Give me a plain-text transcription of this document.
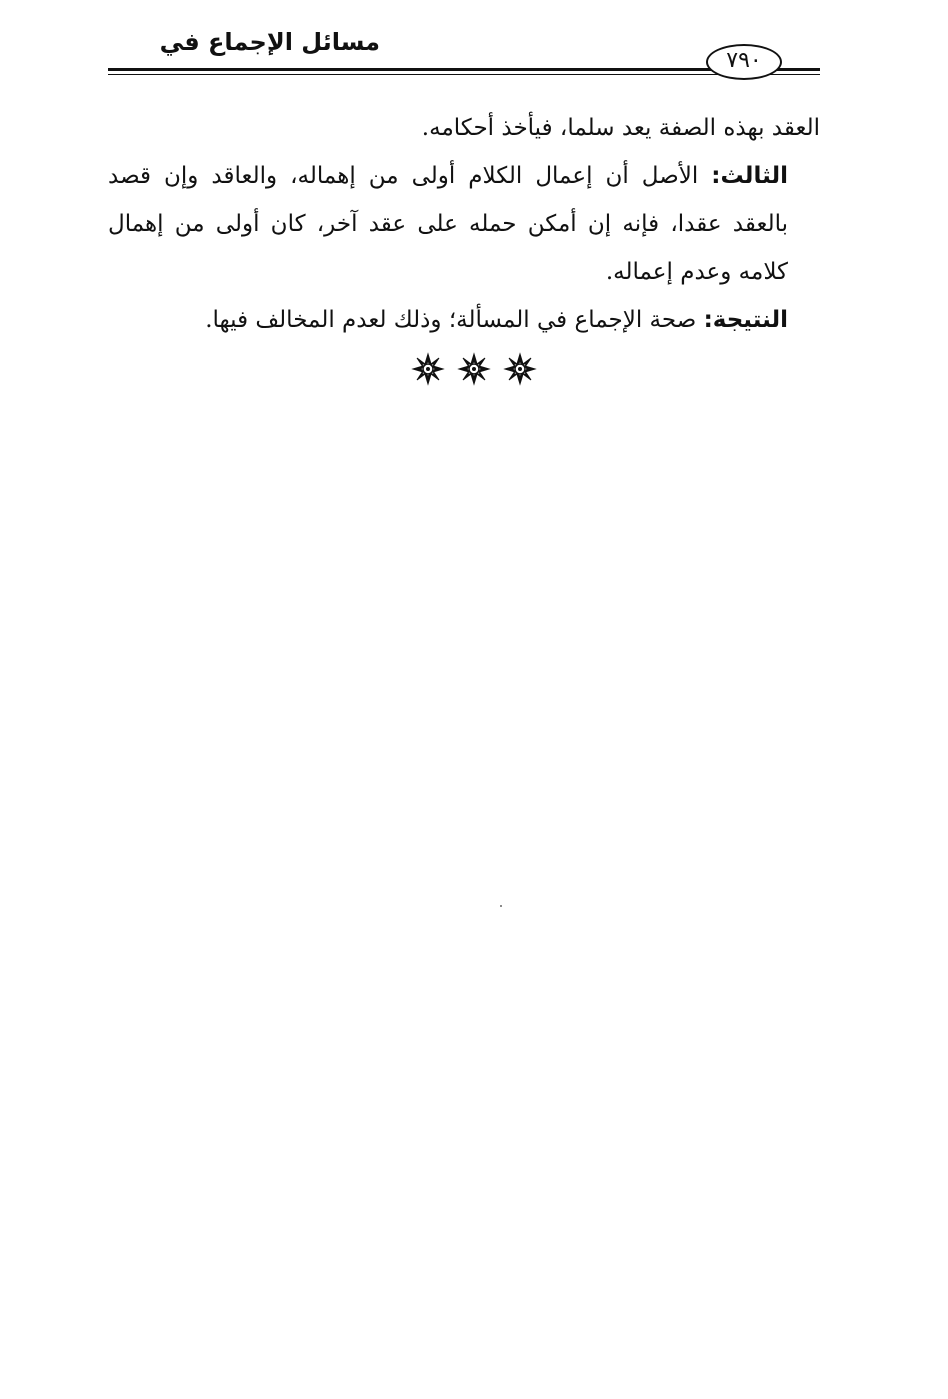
مسائل الإجماع في
٧٩٠

العقد بهذه الصفة يعد سلما، فيأخذ أحكامه.

الثالث: الأصل أن إعمال الكلام أولى من إهماله، والعاقد وإن قصد بالعقد عقدا، فإنه إن أمكن حمله على عقد آخر، كان أولى من إهمال كلامه وعدم إعماله.

النتيجة: صحة الإجماع في المسألة؛ وذلك لعدم المخالف فيها.
